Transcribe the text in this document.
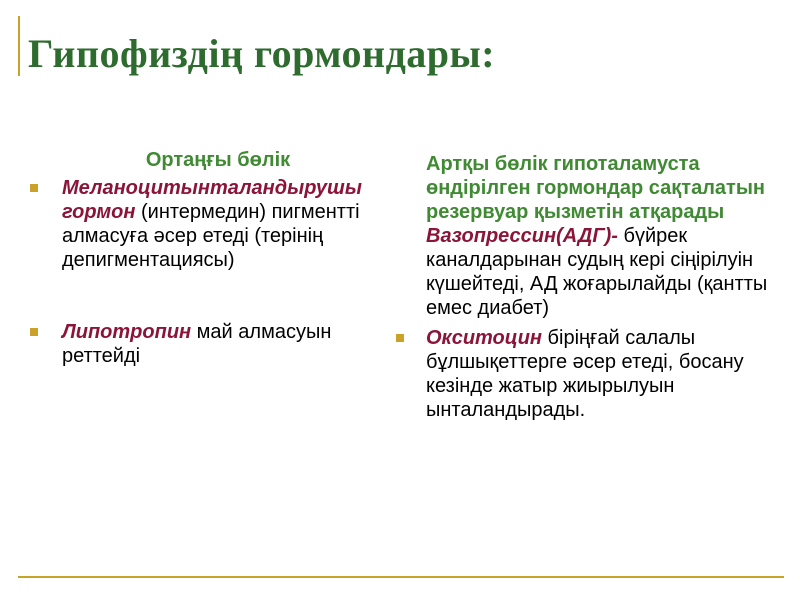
Гипофиздің гормондары:
Ортаңғы бөлік
Меланоцитынталандырушы гормон (интермедин) пигментті алмасуға әсер етеді (терінің депигментациясы)
Липотропин май алмасуын реттейді
Артқы бөлік гипоталамуста өндірілген гормондар сақталатын резервуар қызметін атқарады
Вазопрессин(АДГ)- бүйрек каналдарынан судың кері сіңірілуін күшейтеді, АД жоғарылайды (қантты емес диабет)
Окситоцин біріңғай салалы бұлшықеттерге әсер етеді, босану кезінде жатыр жиырылуын ынталандырады.
